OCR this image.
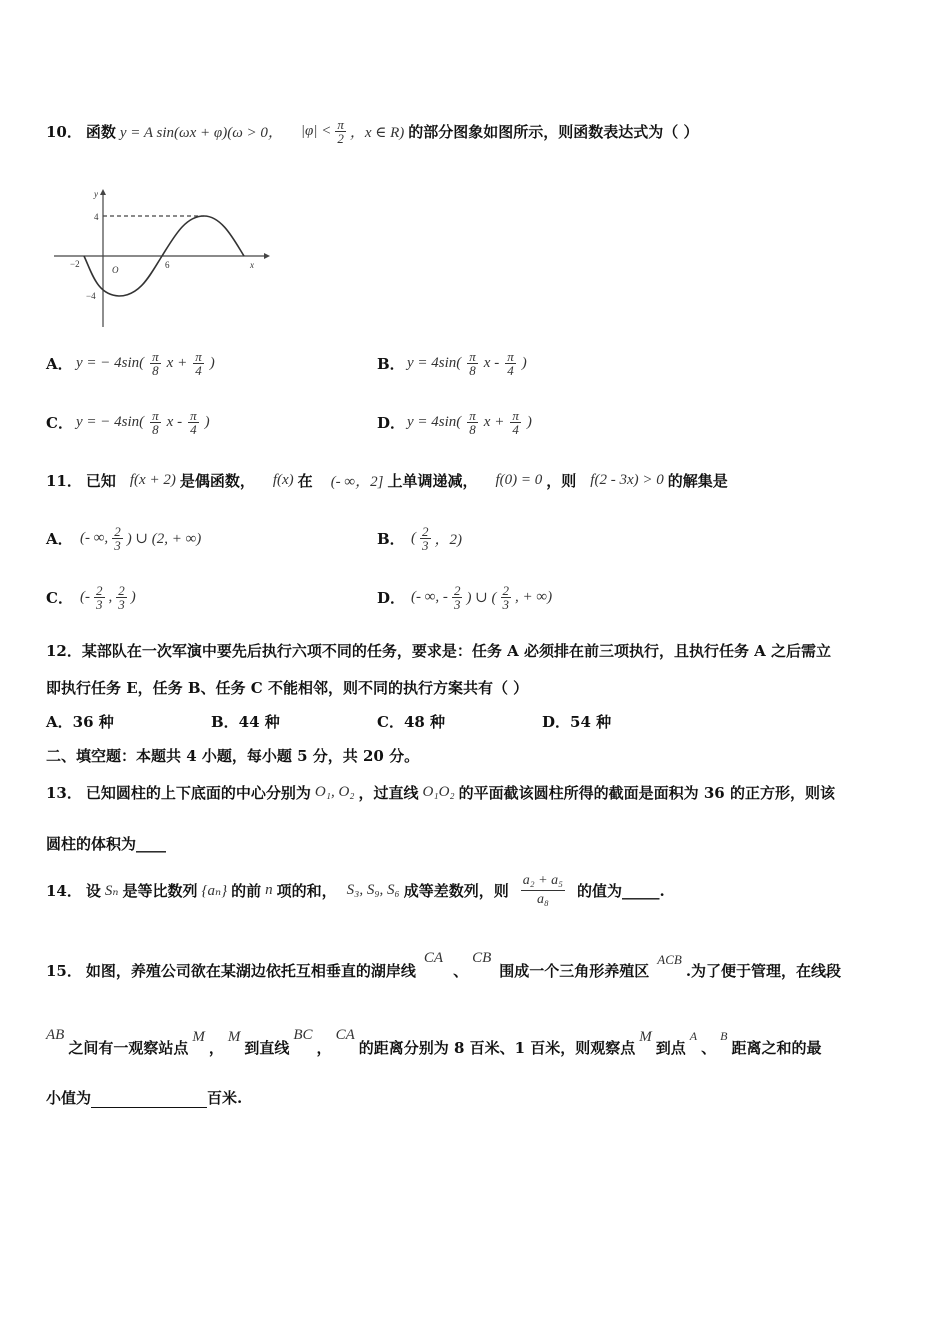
10． 函数 y = A sin(ωx + φ)(ω > 0， $|\varphi| < \frac{\pi}{2}$ ，x ∈ R) 的部分图象如图所示，则函数表达式为（ ）
y
x
O
−2	6
4
−4
A． y = − $4\sin( \frac{\pi}{8}$ $x + \frac{\pi}{4}$ )	B． $y = 4\sin( \frac{\pi}{8}$ x - $\frac{\pi}{4}$ )
C． y = − $4\sin( \frac{\pi}{8}$ x - $\frac{\pi}{4}$ )	D． $y = 4\sin( \frac{\pi}{8}$ $x + \frac{\pi}{4}$ )
11． 已知 f(x + 2) 是偶函数， f(x) 在 (- ∞，2] 上单调递减， f(0) = 0 ，则 f(2 - 3x) > 0 的解集是
A． (- ∞, $\frac{2}{3}$ ) ∪ (2, + ∞)	B． ( $\frac{2}{3}$ ，2)
C． (- $\frac{2}{3}$ , $\frac{2}{3}$ )	D． (- ∞, - $\frac{2}{3}$ ) ∪ ( $\frac{2}{3}$ , + ∞)
12．某部队在一次军演中要先后执行六项不同的任务，要求是：任务 A 必须排在前三项执行，且执行任务 A 之后需立
即执行任务 E，任务 B、任务 C 不能相邻，则不同的执行方案共有（ ）
A．36 种	B．44 种	C．48 种	D．54 种
二、填空题：本题共 4 小题，每小题 5 分，共 20 分。
13． 已知圆柱的上下底面的中心分别为 O₁, O₂ ，过直线 O₁O₂ 的平面截该圆柱所得的截面是面积为 36 的正方形，则该
圆柱的体积为____
14． 设 Sₙ 是等比数列 {aₙ} 的前 n 项的和， S₃, S₉, S₆ 成等差数列，则 $\frac{\text{a₂ + a₅}}{\text{a₈}}$ 的值为_____.
15． 如图，养殖公司欲在某湖边依托互相垂直的湖岸线
CA
、
CB
围成一个三角形养殖区
ACB
.为了便于管理，在线段
AB
之间有一观察站点
M
，
M
到直线
BC
，
CA
的距离分别为 8 百米、1 百米，则观察点
M
到点
A
、
B
距离之和的最
小值为	百米.
